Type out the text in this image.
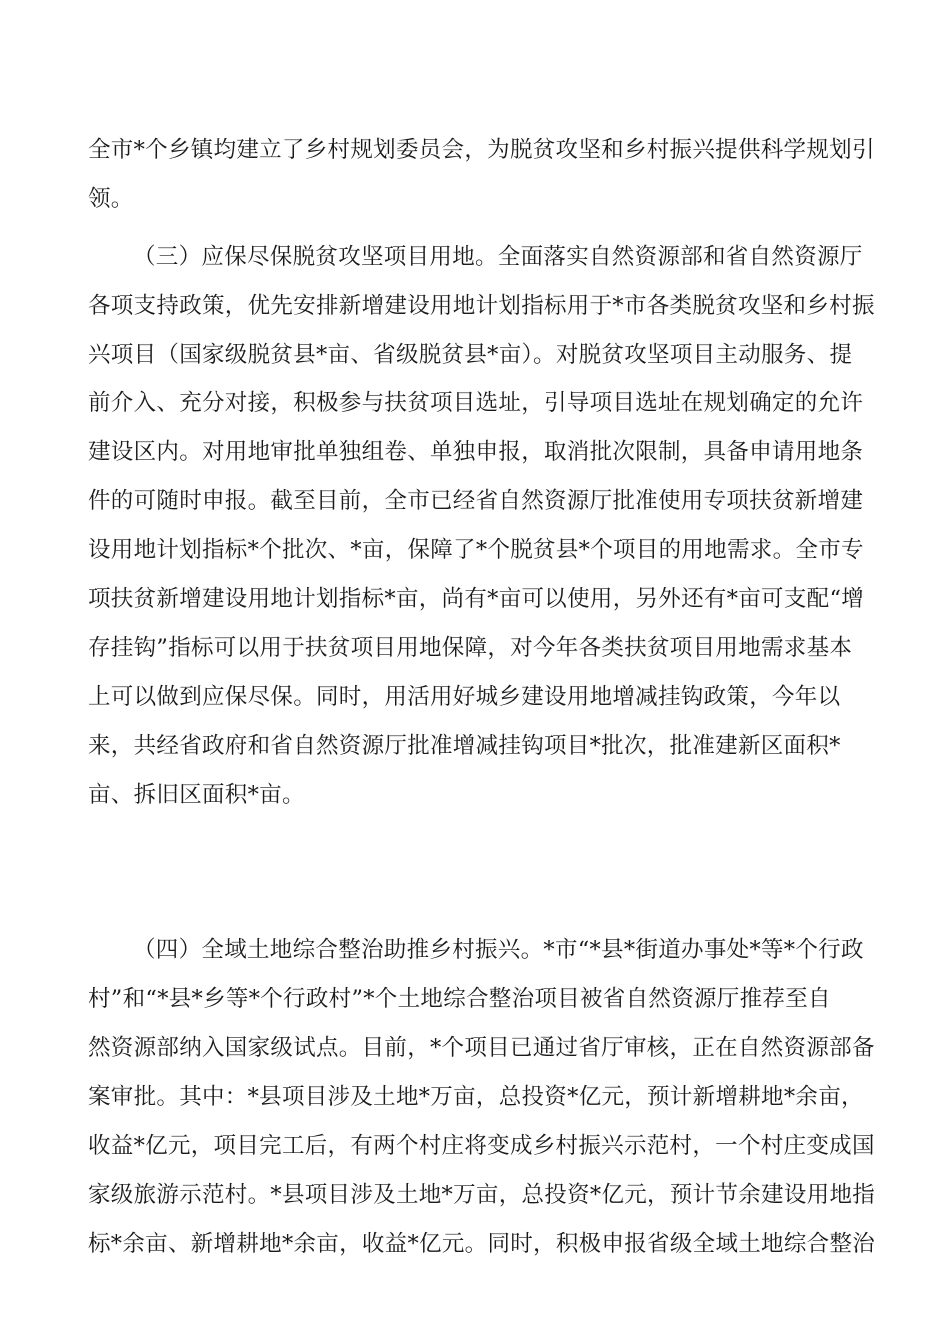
全市*个乡镇均建立了乡村规划委员会，为脱贫攻坚和乡村振兴提供科学规划引
领。
（三）应保尽保脱贫攻坚项目用地。全面落实自然资源部和省自然资源厅
各项支持政策，优先安排新增建设用地计划指标用于*市各类脱贫攻坚和乡村振
兴项目（国家级脱贫县*亩、省级脱贫县*亩）。对脱贫攻坚项目主动服务、提
前介入、充分对接，积极参与扶贫项目选址，引导项目选址在规划确定的允许
建设区内。对用地审批单独组卷、单独申报，取消批次限制，具备申请用地条
件的可随时申报。截至目前，全市已经省自然资源厅批准使用专项扶贫新增建
设用地计划指标*个批次、*亩，保障了*个脱贫县*个项目的用地需求。全市专
项扶贫新增建设用地计划指标*亩，尚有*亩可以使用，另外还有*亩可支配“增
存挂钩”指标可以用于扶贫项目用地保障，对今年各类扶贫项目用地需求基本
上可以做到应保尽保。同时，用活用好城乡建设用地增减挂钩政策，今年以
来，共经省政府和省自然资源厅批准增减挂钩项目*批次，批准建新区面积*
亩、拆旧区面积*亩。
（四）全域土地综合整治助推乡村振兴。*市“*县*街道办事处*等*个行政
村”和“*县*乡等*个行政村”*个土地综合整治项目被省自然资源厅推荐至自
然资源部纳入国家级试点。目前，*个项目已通过省厅审核，正在自然资源部备
案审批。其中：*县项目涉及土地*万亩，总投资*亿元，预计新增耕地*余亩，
收益*亿元，项目完工后，有两个村庄将变成乡村振兴示范村，一个村庄变成国
家级旅游示范村。*县项目涉及土地*万亩，总投资*亿元，预计节余建设用地指
标*余亩、新增耕地*余亩，收益*亿元。同时，积极申报省级全域土地综合整治
